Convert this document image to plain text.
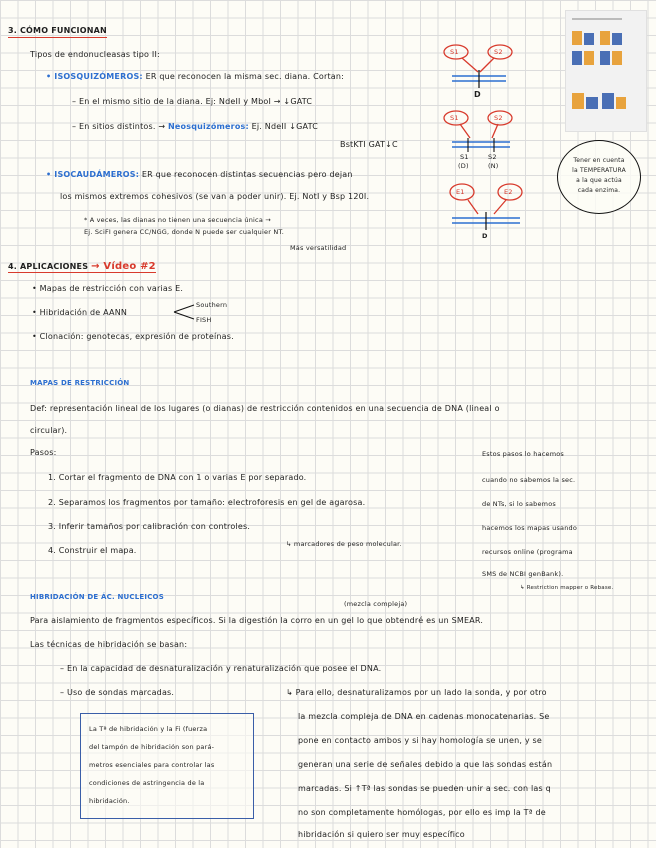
3. CÓMO FUNCIONAN
Tipos de endonucleasas tipo II:
• ISOSQUIZÓMEROS: ER que reconocen la misma sec. diana. Cortan:
– En el mismo sitio de la diana. Ej: NdeII y MboI → ↓GATC
– En sitios distintos. → Neosquizómeros: Ej. NdeII ↓GATC
BstKTI GAT↓C
• ISOCAUDÁMEROS: ER que reconocen distintas secuencias pero dejan
los mismos extremos cohesivos (se van a poder unir). Ej. NotI y Bsp 120I.
* A veces, las dianas no tienen una secuencia única →
Ej. SciFI genera CC/NGG, donde N puede ser cualquier NT.
Más versatilidad
S1	S2
D
S1	S2
S1	S2
(D)	(N)
E1	E2
D
Tener en cuenta
la TEMPERATURA
a la que actúa
cada enzima.
4. APLICACIONES → Vídeo #2
• Mapas de restricción con varias E.
• Hibridación de AANN
Southern
FISH
• Clonación: genotecas, expresión de proteínas.
MAPAS DE RESTRICCIÓN
Def: representación lineal de los lugares (o dianas) de restricción contenidos en una secuencia de DNA (lineal o
circular).
Pasos:
1. Cortar el fragmento de DNA con 1 o varias E por separado.
2. Separamos los fragmentos por tamaño: electroforesis en gel de agarosa.
3. Inferir tamaños por calibración con controles.
4. Construir el mapa.
↳ marcadores de peso molecular.
Estos pasos lo hacemos
cuando no sabemos la sec.
de NTs, si lo sabemos
hacemos los mapas usando
recursos online (programa
SMS de NCBI genBank).
↳ Restriction mapper o Rebase.
HIBRIDACIÓN DE ÁC. NUCLEICOS
(mezcla compleja)
Para aislamiento de fragmentos específicos. Si la digestión la corro en un gel lo que obtendré es un SMEAR.
Las técnicas de hibridación se basan:
– En la capacidad de desnaturalización y renaturalización que posee el DNA.
– Uso de sondas marcadas.	↳ Para ello, desnaturalizamos por un lado la sonda, y por otro
la mezcla compleja de DNA en cadenas monocatenarias. Se
pone en contacto ambos y si hay homología se unen, y se
generan una serie de señales debido a que las sondas están
marcadas. Si ↑Tª las sondas se pueden unir a sec. con las q
no son completamente homólogas, por ello es imp la Tª de
hibridación si quiero ser muy específico
La Tª de hibridación y la Fi (fuerza
del tampón de hibridación son pará-
metros esenciales para controlar las
condiciones de astringencia de la
hibridación.
